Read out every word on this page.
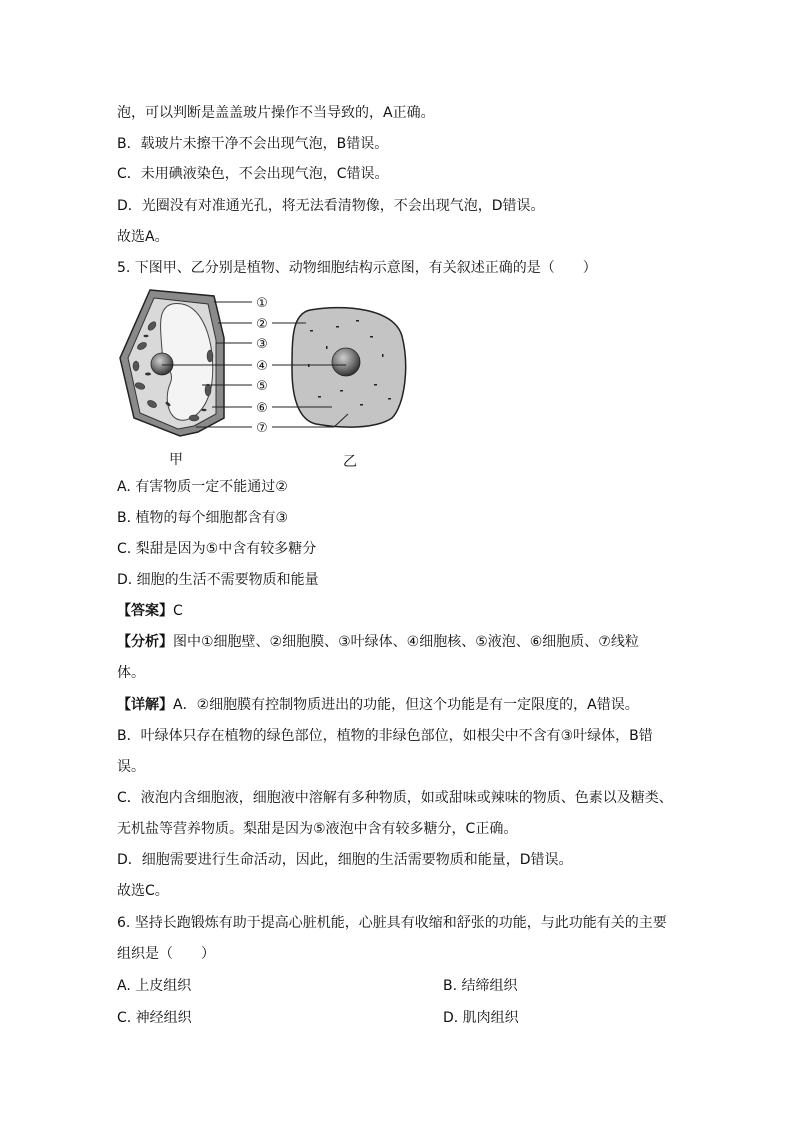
泡，可以判断是盖盖玻片操作不当导致的，A正确。
B．载玻片未擦干净不会出现气泡，B错误。
C．未用碘液染色，不会出现气泡，C错误。
D．光圈没有对准通光孔，将无法看清物像，不会出现气泡，D错误。
故选A。
5. 下图甲、乙分别是植物、动物细胞结构示意图，有关叙述正确的是（　　）
①
②
③
④
⑤
⑥
⑦
甲	乙
A. 有害物质一定不能通过②
B. 植物的每个细胞都含有③
C. 梨甜是因为⑤中含有较多糖分
D. 细胞的生活不需要物质和能量
【答案】C
【分析】图中①细胞壁、②细胞膜、③叶绿体、④细胞核、⑤液泡、⑥细胞质、⑦线粒
体。
【详解】A．②细胞膜有控制物质进出的功能，但这个功能是有一定限度的，A错误。
B．叶绿体只存在植物的绿色部位，植物的非绿色部位，如根尖中不含有③叶绿体，B错
误。
C．液泡内含细胞液，细胞液中溶解有多种物质，如或甜味或辣味的物质、色素以及糖类、
无机盐等营养物质。梨甜是因为⑤液泡中含有较多糖分，C正确。
D．细胞需要进行生命活动，因此，细胞的生活需要物质和能量，D错误。
故选C。
6. 坚持长跑锻炼有助于提高心脏机能，心脏具有收缩和舒张的功能，与此功能有关的主要
组织是（　　）
A. 上皮组织	B. 结缔组织
C. 神经组织	D. 肌肉组织
